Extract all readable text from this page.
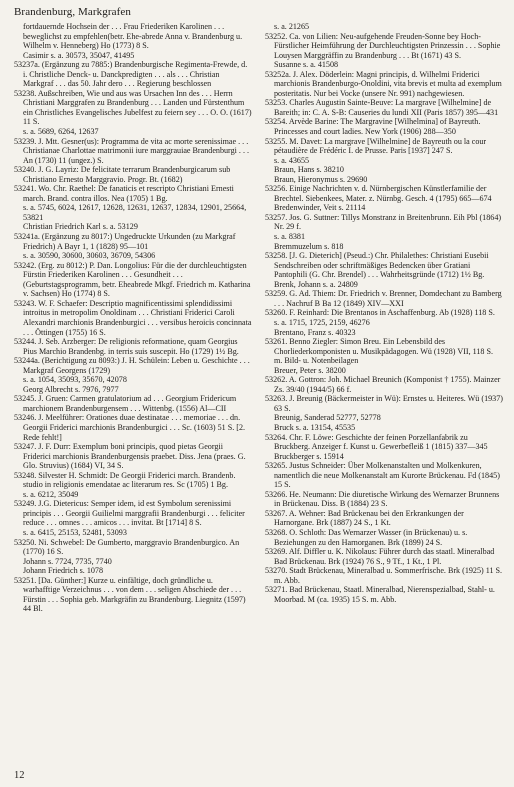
Brandenburg, Markgrafen

fortdauernde Hochsein der . . . Frau Friederiken Karolinen . . . beweglichst zu empfehlen(betr. Ehe-abrede Anna v. Brandenburg u. Wilhelm v. Henneberg) Ho (1773) 8 S.

Casimir s. a. 30573, 35047, 41495

53237a. (Ergänzung zu 7885:) Brandenburgische Regimenta-Frewde, d. i. Christliche Denck- u. Danckpredigten . . . als . . . Christian Markgraf . . . das 50. Jahr dero . . . Regierung beschlossen

53238. Außschreiben, Wie und aus was Ursachen Inn des . . . Herrn Christiani Marggrafen zu Brandenburg . . . Landen und Fürstenthum ein Christliches Evangelisches Jubelfest zu feiern sey . . . O. O. (1617) 11 S.

s. a. 5689, 6264, 12637

53239. J. Mtt. Gesner(us): Programma de vita ac morte serenissimae . . . Christianae Charlottae matrimonii iure marggrauiae Brandenburgi . . . An (1730) 11 (ungez.) S.

53240. J. G. Layriz: De felicitate terrarum Brandenburgicarum sub Christiano Ernesto Marggravio. Progr. Bt. (1682)

53241. Wo. Chr. Raethel: De fanaticis et rescripto Christiani Ernesti march. Brand. contra illos. Nea (1705) 1 Bg.

s. a. 5745, 6024, 12617, 12628, 12631, 12637, 12834, 12901, 25664, 53821

Christian Friedrich Karl s. a. 53129

53241a. (Ergänzung zu 8017:) Ungedruckte Urkunden (zu Markgraf Friedrich) A Bayr 1, 1 (1828) 95—101

s. a. 30590, 30600, 30603, 36709, 54306

53242. (Erg. zu 8012:) P. Dan. Longolius: Für die der durchleuchtigsten Fürstin Friederiken Karolinen . . . Gesundheit . . . (Geburtstagsprogramm, betr. Eheabrede Mkgf. Friedrich m. Katharina v. Sachsen) Ho (1774) 8 S.

53243. W. F. Schaefer: Descriptio magnificentissimi splendidissimi introitus in metropolim Onoldinam . . . Christiani Friderici Caroli Alexandri marchionis Brandenburgici . . . versibus heroicis concinnata . . . Öttingen (1755) 16 S.

53244. J. Seb. Arzberger: De religionis reformatione, quam Georgius Pius Marchio Brandenbg. in terris suis suscepit. Ho (1729) 1½ Bg.

53244a. (Berichtigung zu 8093:) J. H. Schülein: Leben u. Geschichte . . . Markgraf Georgens (1729)

s. a. 1054, 35093, 35670, 42078

Georg Albrecht s. 7976, 7977

53245. J. Gruen: Carmen gratulatorium ad . . . Georgium Fridericum marchionem Brandenburgensem . . . Wittenbg. (1556) Al—CII

53246. J. Meelführer: Orationes duae destinatae . . . memoriae . . . dn. Georgii Friderici marchionis Brandenburgici . . . Sc. (1603) 51 S. [2. Rede fehlt!]

53247. J. F. Durr: Exemplum boni principis, quod pietas Georgii Friderici marchionis Brandenburgensis praebet. Diss. Jena (praes. G. Glo. Struvius) (1684) VI, 34 S.

53248. Silvester H. Schmidt: De Georgii Friderici march. Brandenb. studio in religionis emendatae ac literarum res. Sc (1705) 1 Bg.

s. a. 6212, 35049

53249. J.G. Dietericus: Semper idem, id est Symbolum serenissimi principis . . . Georgii Guilielmi marggrafii Brandenburgi . . . feliciter reduce . . . omnes . . . amicos . . . invitat. Bt [1714] 8 S.

s. a. 6415, 25153, 52481, 53093

53250. Ni. Schwebel: De Gumberto, marggravio Brandenburgico. An (1770) 16 S.

Johann s. 7724, 7735, 7740

Johann Friedrich s. 1078

53251. [Da. Günther:] Kurze u. einfältige, doch gründliche u. warhafftige Verzeichnus . . . von dem . . . seligen Abschiede der . . . Fürstin . . . Sophia geb. Markgräfin zu Brandenburg. Liegnitz (1597) 44 Bl.

s. a. 21265

53252. Ca. von Lilien: Neu-aufgehende Freuden-Sonne bey Hoch-Fürstlicher Heimführung der Durchleuchtigsten Prinzessin . . . Sophie Louysen Marggräffin zu Brandenburg . . . Bt (1671) 43 S.

Susanne s. a. 41508

53252a. J. Alex. Döderlein: Magni principis, d. Wilhelmi Friderici marchionis Brandenburgo-Onoldini, vita brevis et multa ad exemplum posteritatis. Nur bei Vocke (unsere Nr. 991) nachgewiesen.

53253. Charles Augustin Sainte-Beuve: La margrave [Wilhelmine] de Bareith; in: C. A. S-B: Causeries du lundi XII (Paris 1857) 395—431

53254. Arvède Barine: The Margravine [Wilhelmina] of Bayreuth. Princesses and court ladies. New York (1906) 288—350

53255. M. Davet: La margrave [Wilhelmine] de Bayreuth ou la cour pétaudière de Frédéric I. de Prusse. Paris [1937] 247 S.

s. a. 43655

Braun, Hans s. 38210

Braun, Hieronymus s. 29690

53256. Einige Nachrichten v. d. Nürnbergischen Künstlerfamilie der Brechtel. Siebenkees, Mater. z. Nürnbg. Gesch. 4 (1795) 665—674

Bredenwinder, Veit s. 21114

53257. Jos. G. Suttner: Tillys Monstranz in Breitenbrunn. Eih Pbl (1864) Nr. 29 f.

s. a. 8381

Bremmuzelum s. 818

53258. [J. G. Dieterich] (Pseud.:) Chr. Philalethes: Christiani Eusebii Sendschreiben oder schriftmäßiges Bedencken über Gratiani Pantophili (G. Chr. Brendel) . . . Wahrheitsgründe (1712) 1½ Bg.

Brenk, Johann s. a. 24809

53259. G. Ad. Thiem: Dr. Friedrich v. Brenner, Domdechant zu Bamberg . . . Nachruf B Ba 12 (1849) XIV—XXI

53260. F. Reinhard: Die Brentanos in Aschaffenburg. Ab (1928) 118 S.

s. a. 1715, 1725, 2159, 46276

Brentano, Franz s. 40323

53261. Benno Ziegler: Simon Breu. Ein Lebensbild des Chorliederkomponisten u. Musikpädagogen. Wü (1928) VII, 118 S. m. Bild- u. Notenbeilagen

Breuer, Peter s. 38200

53262. A. Gottron: Joh. Michael Breunich (Komponist † 1755). Mainzer Zs. 39/40 (1944/5) 66 f.

53263. J. Breunig (Bäckermeister in Wü): Ernstes u. Heiteres. Wü (1937) 63 S.

Breunig, Sanderad 52777, 52778

Bruck s. a. 13154, 45535

53264. Chr. F. Löwe: Geschichte der feinen Porzellanfabrik zu Bruckberg. Anzeiger f. Kunst u. Gewerbefleiß 1 (1815) 337—345

Bruckberger s. 15914

53265. Justus Schneider: Über Molkenanstalten und Molkenkuren, namentlich die neue Molkenanstalt am Kurorte Brückenau. Fd (1845) 15 S.

53266. He. Neumann: Die diuretische Wirkung des Wernarzer Brunnens in Brückenau. Diss. B (1884) 23 S.

53267. A. Wehner: Bad Brückenau bei den Erkrankungen der Harnorgane. Brk (1887) 24 S., 1 Kt.

53268. O. Schloth: Das Wernarzer Wasser (in Brückenau) u. s. Beziehungen zu den Harnorganen. Brk (1899) 24 S.

53269. Alf. Diffler u. K. Nikolaus: Führer durch das staatl. Mineralbad Bad Brückenau. Brk (1924) 76 S., 9 Tf., 1 Kt., 1 Pl.

53270. Stadt Brückenau, Mineralbad u. Sommerfrische. Brk (1925) 11 S. m. Abb.

53271. Bad Brückenau, Staatl. Mineralbad, Nierenspezialbad, Stahl- u. Moorbad. M (ca. 1935) 15 S. m. Abb.

12
